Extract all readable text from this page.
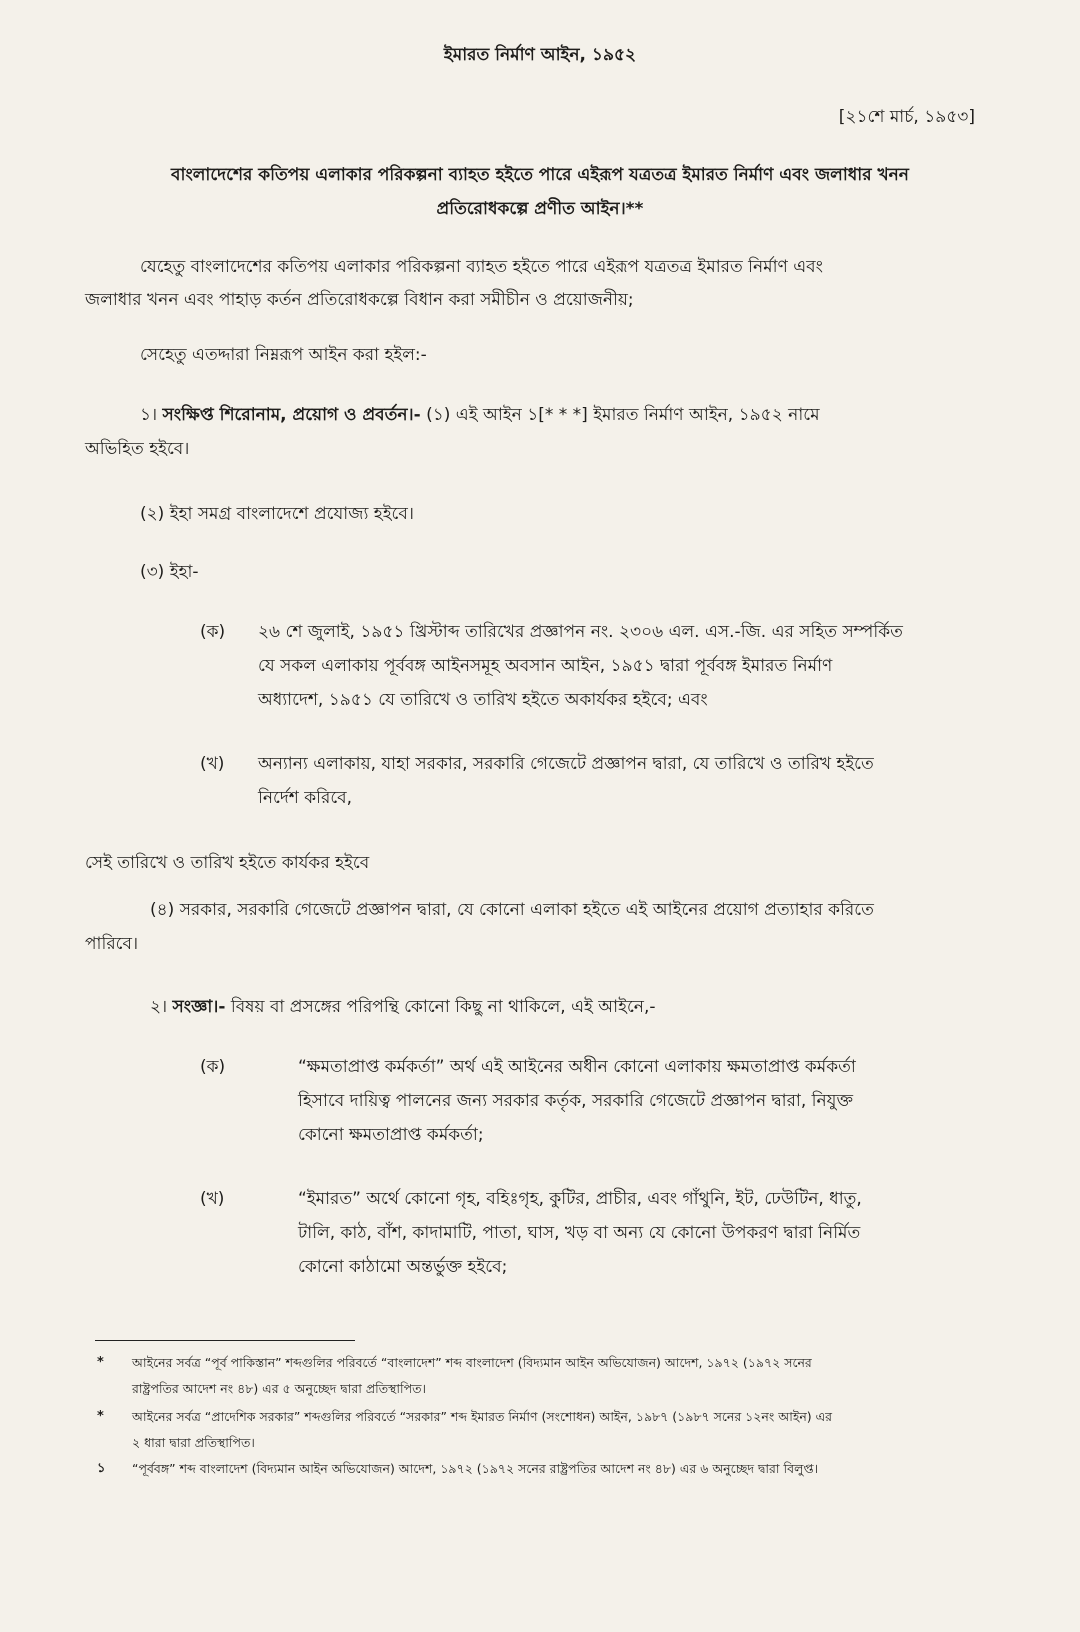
ইমারত নির্মাণ আইন, ১৯৫২
[২১শে মার্চ, ১৯৫৩]
বাংলাদেশের কতিপয় এলাকার পরিকল্পনা ব্যাহত হইতে পারে এইরূপ যত্রতত্র ইমারত নির্মাণ এবং জলাধার খনন
প্রতিরোধকল্পে প্রণীত আইন।**
যেহেতু বাংলাদেশের কতিপয় এলাকার পরিকল্পনা ব্যাহত হইতে পারে এইরূপ যত্রতত্র ইমারত নির্মাণ এবং
জলাধার খনন এবং পাহাড় কর্তন প্রতিরোধকল্পে বিধান করা সমীচীন ও প্রয়োজনীয়;
সেহেতু এতদ্দারা নিম্নরূপ আইন করা হইল:-
১। সংক্ষিপ্ত শিরোনাম, প্রয়োগ ও প্রবর্তন।- (১) এই আইন ১[* * *] ইমারত নির্মাণ আইন, ১৯৫২ নামে
অভিহিত হইবে।
(২) ইহা সমগ্র বাংলাদেশে প্রযোজ্য হইবে।
(৩) ইহা-
(ক) ২৬ শে জুলাই, ১৯৫১ খ্রিস্টাব্দ তারিখের প্রজ্ঞাপন নং. ২৩০৬ এল. এস.-জি. এর সহিত সম্পর্কিত
যে সকল এলাকায় পূর্ববঙ্গ আইনসমূহ অবসান আইন, ১৯৫১ দ্বারা পূর্ববঙ্গ ইমারত নির্মাণ
অধ্যাদেশ, ১৯৫১ যে তারিখে ও তারিখ হইতে অকার্যকর হইবে; এবং
(খ) অন্যান্য এলাকায়, যাহা সরকার, সরকারি গেজেটে প্রজ্ঞাপন দ্বারা, যে তারিখে ও তারিখ হইতে
নির্দেশ করিবে,
সেই তারিখে ও তারিখ হইতে কার্যকর হইবে
(৪) সরকার, সরকারি গেজেটে প্রজ্ঞাপন দ্বারা, যে কোনো এলাকা হইতে এই আইনের প্রয়োগ প্রত্যাহার করিতে
পারিবে।
২। সংজ্ঞা।- বিষয় বা প্রসঙ্গের পরিপন্থি কোনো কিছু না থাকিলে, এই আইনে,-
(ক)	“ক্ষমতাপ্রাপ্ত কর্মকর্তা” অর্থ এই আইনের অধীন কোনো এলাকায় ক্ষমতাপ্রাপ্ত কর্মকর্তা
হিসাবে দায়িত্ব পালনের জন্য সরকার কর্তৃক, সরকারি গেজেটে প্রজ্ঞাপন দ্বারা, নিযুক্ত
কোনো ক্ষমতাপ্রাপ্ত কর্মকর্তা;
(খ)	“ইমারত” অর্থে কোনো গৃহ, বহিঃগৃহ, কুটির, প্রাচীর, এবং গাঁথুনি, ইট, ঢেউটিন, ধাতু,
টালি, কাঠ, বাঁশ, কাদামাটি, পাতা, ঘাস, খড় বা অন্য যে কোনো উপকরণ দ্বারা নির্মিত
কোনো কাঠামো অন্তর্ভুক্ত হইবে;
* আইনের সর্বত্র “পূর্ব পাকিস্তান” শব্দগুলির পরিবর্তে “বাংলাদেশ” শব্দ বাংলাদেশ (বিদ্যমান আইন অভিযোজন) আদেশ, ১৯৭২ (১৯৭২ সনের
রাষ্ট্রপতির আদেশ নং ৪৮) এর ৫ অনুচ্ছেদ দ্বারা প্রতিস্থাপিত।
* আইনের সর্বত্র “প্রাদেশিক সরকার” শব্দগুলির পরিবর্তে “সরকার” শব্দ ইমারত নির্মাণ (সংশোধন) আইন, ১৯৮৭ (১৯৮৭ সনের ১২নং আইন) এর
২ ধারা দ্বারা প্রতিস্থাপিত।
১ “পূর্ববঙ্গ” শব্দ বাংলাদেশ (বিদ্যমান আইন অভিযোজন) আদেশ, ১৯৭২ (১৯৭২ সনের রাষ্ট্রপতির আদেশ নং ৪৮) এর ৬ অনুচ্ছেদ দ্বারা বিলুপ্ত।
